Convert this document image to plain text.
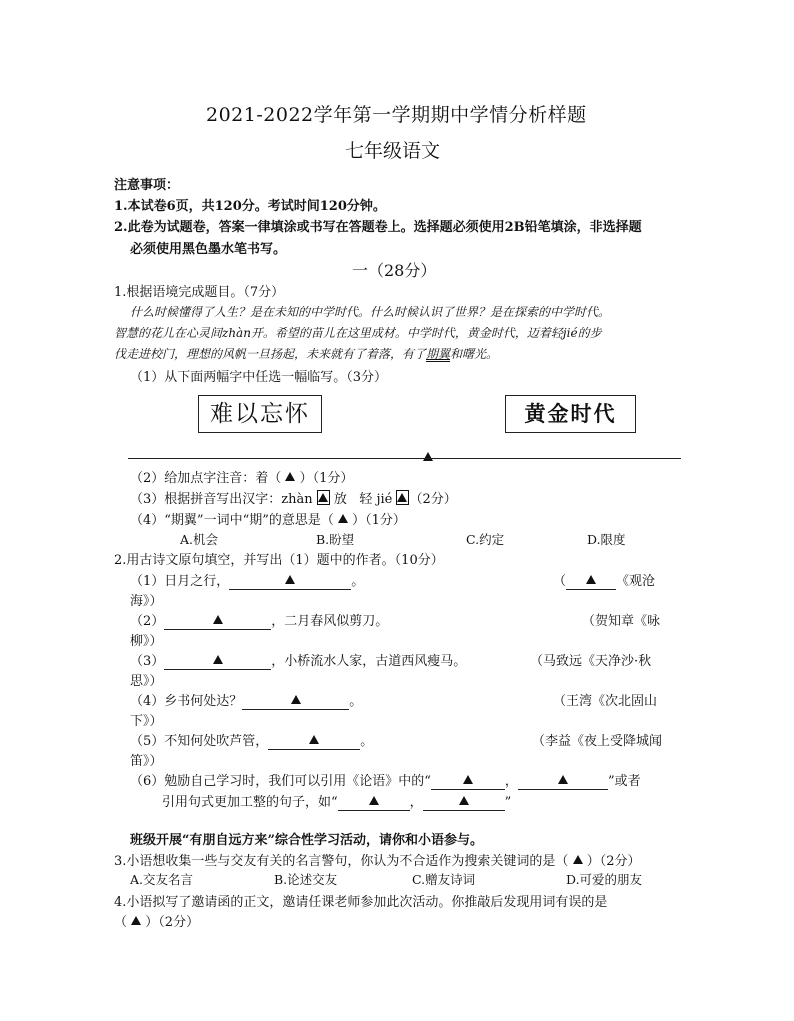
2021-2022学年第一学期期中学情分析样题
七年级语文
注意事项：
1.本试卷6页，共120分。考试时间120分钟。
2.此卷为试题卷，答案一律填涂或书写在答题卷上。选择题必须使用2B铅笔填涂，非选择题
必须使用黑色墨水笔书写。
一（28分）
1.根据语境完成题目。（7分）
什么时候懂得了人生？是在未知的中学时代。什么时候认识了世界？是在探索的中学时代。
智慧的花儿在心灵间zhàn开。希望的苗儿在这里成材。中学时代，黄金时代，迈着轻jié的步
伐走进校门，理想的风帆一旦扬起，未来就有了着落，有了期翼和曙光。
（1）从下面两幅字中任选一幅临写。（3分）
难以忘怀	黄金时代
（2）给加点字注音：着（ ）（1分）
（3）根据拼音写出汉字：zhàn 放 轻 jié （2分）
（4）“期翼”一词中“期”的意思是（ ）（1分）
A.机会	B.盼望	C.约定	D.限度
2.用古诗文原句填空，并写出（1）题中的作者。（10分）
（1）日月之行，	。	（	《观沧
海》）
（2）	，二月春风似剪刀。	（贺知章《咏
柳》）
（3）	，小桥流水人家，古道西风瘦马。	（马致远《天净沙·秋
思》）
（4）乡书何处达？	。	（王湾《次北固山
下》）
（5）不知何处吹芦管，	。	（李益《夜上受降城闻
笛》）
（6）勉励自己学习时，我们可以引用《论语》中的“	，	”或者
引用句式更加工整的句子，如“	，	”
班级开展“有朋自远方来”综合性学习活动，请你和小语参与。
3.小语想收集一些与交友有关的名言警句，你认为不合适作为搜索关键词的是（ ）（2分）
A.交友名言	B.论述交友	C.赠友诗词	D.可爱的朋友
4.小语拟写了邀请函的正文，邀请任课老师参加此次活动。你推敲后发现用词有误的是
（ ）（2分）
